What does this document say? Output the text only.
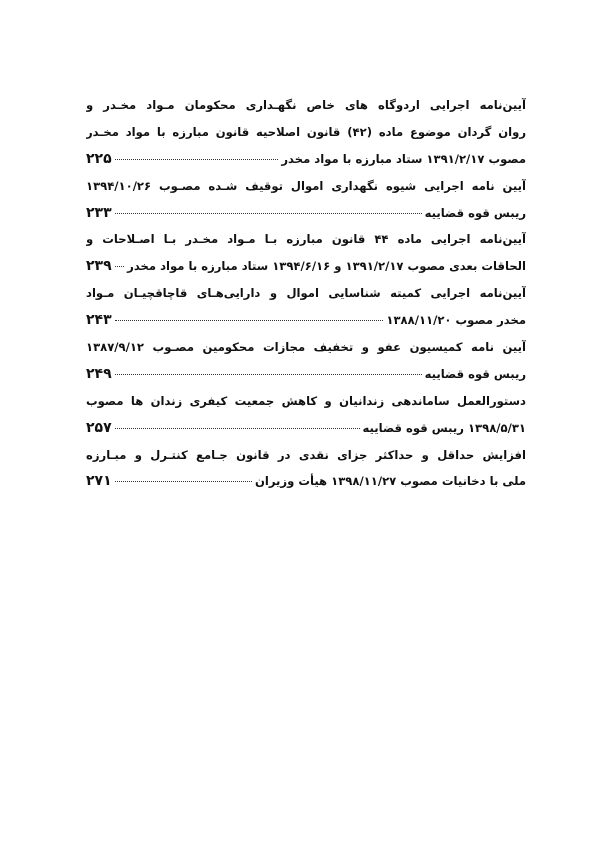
آیین‌نامه اجرایی اردوگاه های خاص نگهـداری محکومان مـواد مخـدر و
روان گردان موضوع ماده (۴۲) قانون اصلاحیه قانون مبارزه با مواد مخـدر
مصوب ۱۳۹۱/۲/۱۷ ستاد مبارزه با مواد مخدر
۲۲۵
آیین نامه اجرایی شیوه نگهداری اموال توقیف شـده مصـوب ۱۳۹۴/۱۰/۲۶
ریبس قوه قضاییه
۲۳۳
آیین‌نامه اجرایی ماده ۴۴ قانون مبارزه بـا مـواد مخـدر بـا اصـلاحات و
الحاقات بعدی مصوب ۱۳۹۱/۲/۱۷ و ۱۳۹۴/۶/۱۶ ستاد مبارزه با مواد مخدر
۲۳۹
آیین‌نامه اجرایی کمیته شناسایی اموال و دارایی‌هـای قاچاقچیـان مـواد
مخدر مصوب ۱۳۸۸/۱۱/۲۰
۲۴۳
آیین نامه کمیسیون عفو و تخفیف مجازات محکومین مصـوب ۱۳۸۷/۹/۱۲
ریبس قوه قضاییه
۲۴۹
دستورالعمل ساماندهی زندانیان و کاهش جمعیت کیفری زندان ها مصوب
۱۳۹۸/۵/۳۱ ریبس قوه قضاییه
۲۵۷
افزایش حداقل و حداکثر جزای نقدی در قانون جـامع کنتـرل و مبـارزه
ملی با دخانیات مصوب ۱۳۹۸/۱۱/۲۷ هیأت وزیران
۲۷۱
